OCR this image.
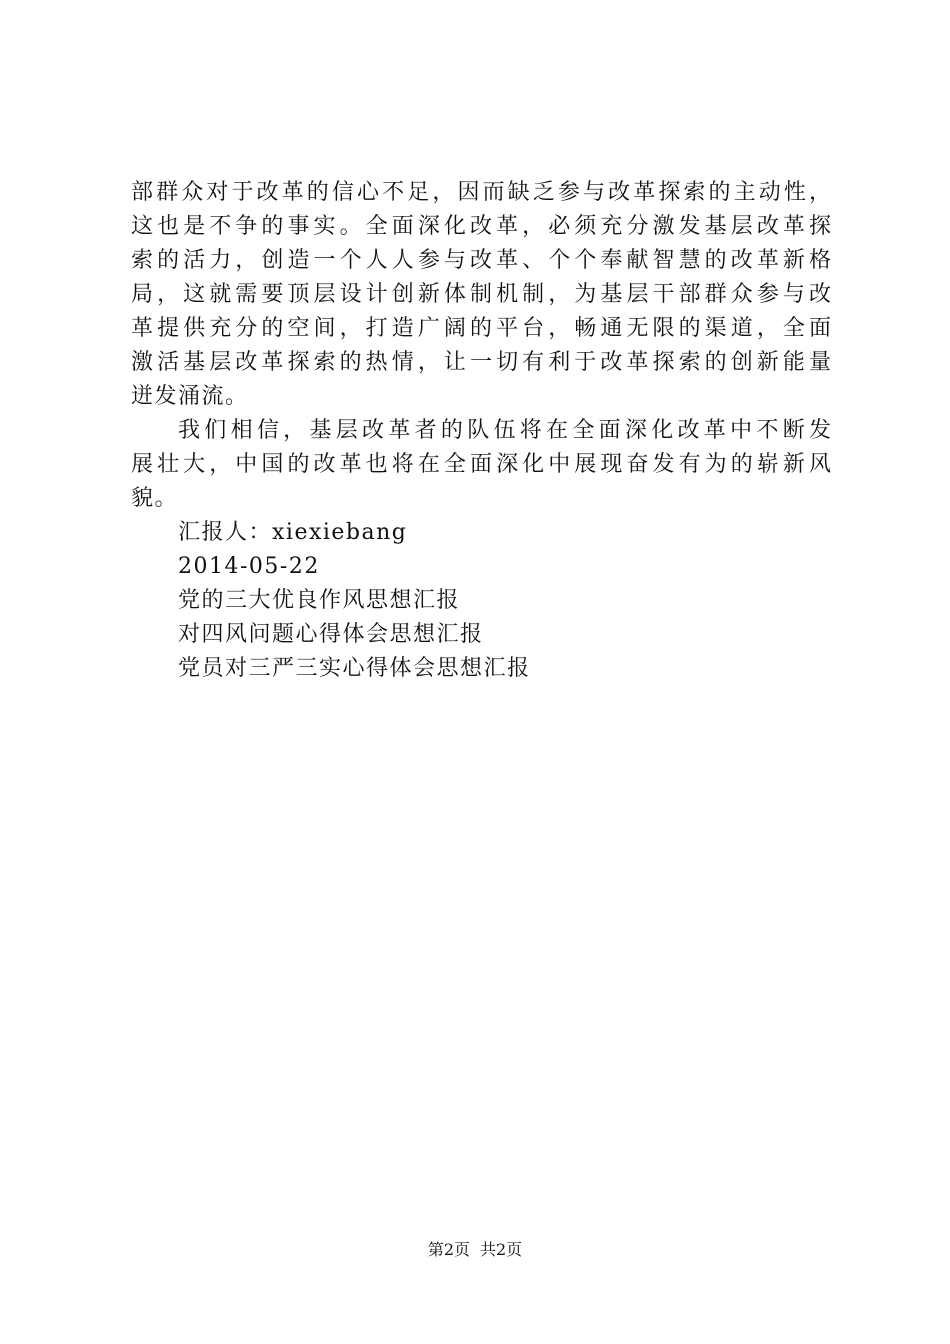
部群众对于改革的信心不足，因而缺乏参与改革探索的主动性，
这也是不争的事实。全面深化改革，必须充分激发基层改革探
索的活力，创造一个人人参与改革、个个奉献智慧的改革新格
局，这就需要顶层设计创新体制机制，为基层干部群众参与改
革提供充分的空间，打造广阔的平台，畅通无限的渠道，全面
激活基层改革探索的热情，让一切有利于改革探索的创新能量
迸发涌流。
我们相信，基层改革者的队伍将在全面深化改革中不断发
展壮大，中国的改革也将在全面深化中展现奋发有为的崭新风
貌。
汇报人：xiexiebang
2014-05-22
党的三大优良作风思想汇报
对四风问题心得体会思想汇报
党员对三严三实心得体会思想汇报
第2页 共2页
